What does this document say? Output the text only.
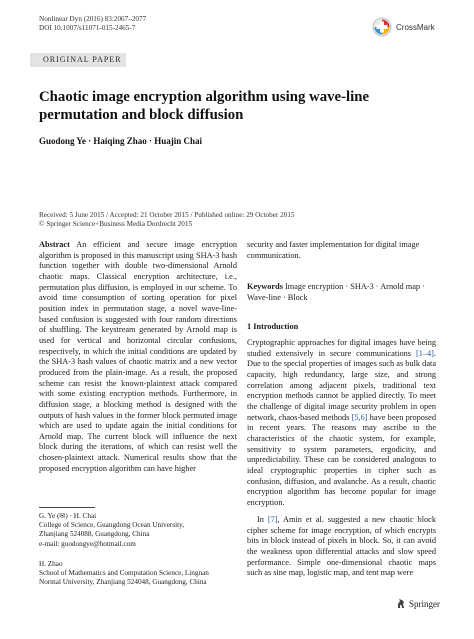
Nonlinear Dyn (2016) 83:2067–2077
DOI 10.1007/s11071-015-2465-7	CrossMark
ORIGINAL PAPER
Chaotic image encryption algorithm using wave-line permutation and block diffusion
Guodong Ye · Haiqing Zhao · Huajin Chai
Received: 5 June 2015 / Accepted: 21 October 2015 / Published online: 29 October 2015
© Springer Science+Business Media Dordrecht 2015
Abstract An efficient and secure image encryption algorithm is proposed in this manuscript using SHA-3 hash function together with double two-dimensional Arnold chaotic maps. Classical encryption architecture, i.e., permutation plus diffusion, is employed in our scheme. To avoid time consumption of sorting operation for pixel position index in permutation stage, a novel wave-line-based confusion is suggested with four random directions of shuffling. The keystream generated by Arnold map is used for vertical and horizontal circular confusions, respectively, in which the initial conditions are updated by the SHA-3 hash values of chaotic matrix and a new vector produced from the plain-image. As a result, the proposed scheme can resist the known-plaintext attack compared with some existing encryption methods. Furthermore, in diffusion stage, a blocking method is designed with the outputs of hash values in the former block permuted image which are used to update again the initial conditions for Arnold map. The current block will influence the next block during the iterations, of which can resist well the chosen-plaintext attack. Numerical results show that the proposed encryption algorithm can have higher
security and faster implementation for digital image communication.
Keywords Image encryption · SHA-3 · Arnold map · Wave-line · Block
1 Introduction
Cryptographic approaches for digital images have being studied extensively in secure communications [1–4]. Due to the special properties of images such as bulk data capacity, high redundancy, large size, and strong correlation among adjacent pixels, traditional text encryption methods cannot be applied directly. To meet the challenge of digital image security problem in open network, chaos-based methods [5,6] have been proposed in recent years. The reasons may ascribe to the characteristics of the chaotic system, for example, sensitivity to system parameters, ergodicity, and unpredictability. These can be considered analogous to ideal cryptographic properties in cipher such as confusion, diffusion, and avalanche. As a result, chaotic encryption algorithm has become popular for image encryption.
In [7], Amin et al. suggested a new chaotic block cipher scheme for image encryption, of which encrypts bits in block instead of pixels in block. So, it can avoid the weakness upon differential attacks and slow speed performance. Simple one-dimensional chaotic maps such as sine map, logistic map, and tent map were
G. Ye (✉) · H. Chai
College of Science, Guangdong Ocean University,
Zhanjiang 524088, Guangdong, China
e-mail: guodongye@hotmail.com
H. Zhao
School of Mathematics and Computation Science, Lingnan
Normal University, Zhanjiang 524048, Guangdong, China
Springer
